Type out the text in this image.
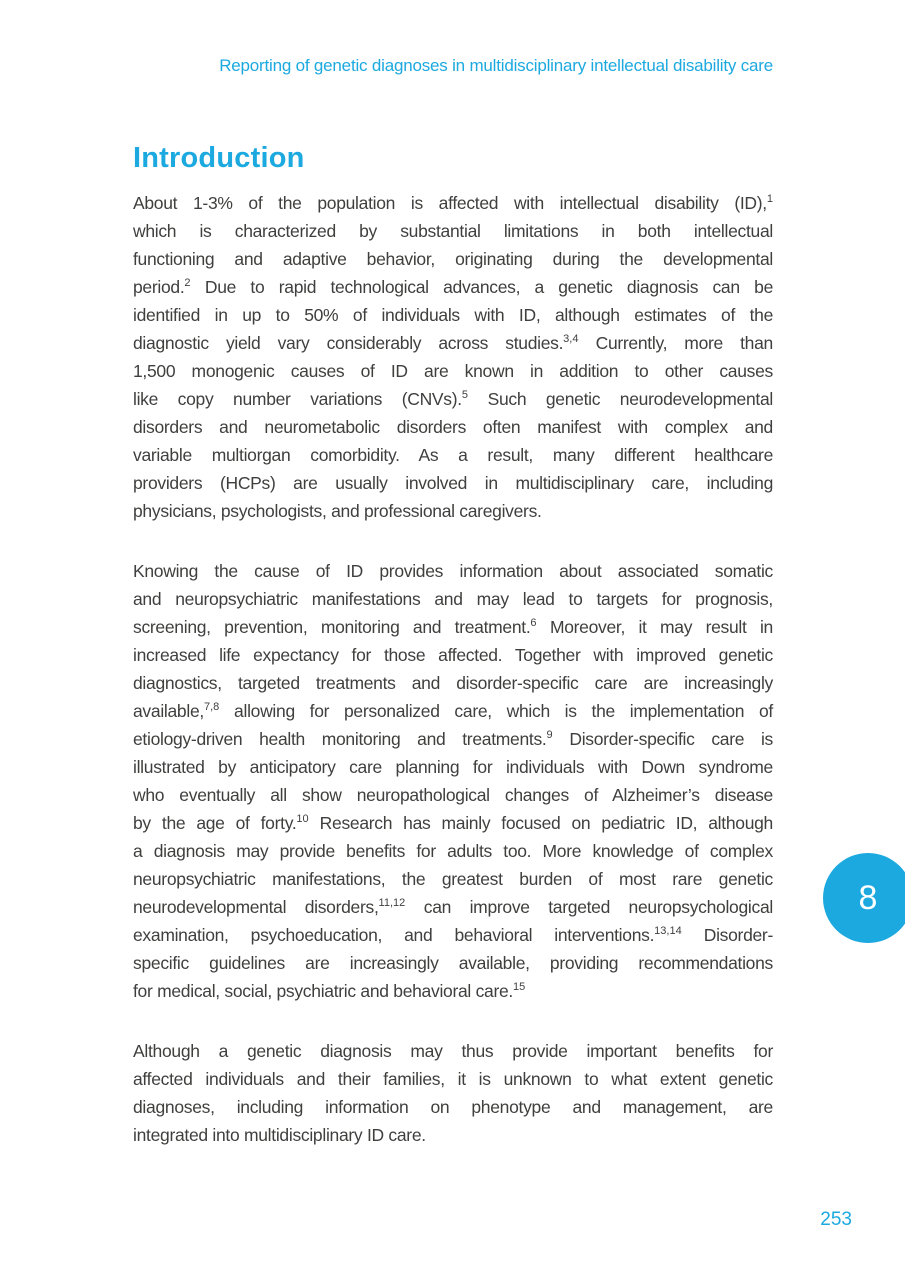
Reporting of genetic diagnoses in multidisciplinary intellectual disability care
Introduction
About 1-3% of the population is affected with intellectual disability (ID),$^1$
which is characterized by substantial limitations in both intellectual
functioning and adaptive behavior, originating during the developmental
period.$^2$ Due to rapid technological advances, a genetic diagnosis can be
identified in up to 50% of individuals with ID, although estimates of the
diagnostic yield vary considerably across studies.$^{3,4}$ Currently, more than
1,500 monogenic causes of ID are known in addition to other causes
like copy number variations (CNVs).$^5$ Such genetic neurodevelopmental
disorders and neurometabolic disorders often manifest with complex and
variable multiorgan comorbidity. As a result, many different healthcare
providers (HCPs) are usually involved in multidisciplinary care, including
physicians, psychologists, and professional caregivers.
Knowing the cause of ID provides information about associated somatic
and neuropsychiatric manifestations and may lead to targets for prognosis,
screening, prevention, monitoring and treatment.$^6$ Moreover, it may result in
increased life expectancy for those affected. Together with improved genetic
diagnostics, targeted treatments and disorder-specific care are increasingly
available,$^{7,8}$ allowing for personalized care, which is the implementation of
etiology-driven health monitoring and treatments.$^9$ Disorder-specific care is
illustrated by anticipatory care planning for individuals with Down syndrome
who eventually all show neuropathological changes of Alzheimer’s disease
by the age of forty.$^{10}$ Research has mainly focused on pediatric ID, although
a diagnosis may provide benefits for adults too. More knowledge of complex
neuropsychiatric manifestations, the greatest burden of most rare genetic
neurodevelopmental disorders,$^{11,12}$ can improve targeted neuropsychological
examination, psychoeducation, and behavioral interventions.$^{13,14}$ Disorder-
specific guidelines are increasingly available, providing recommendations
for medical, social, psychiatric and behavioral care.$^{15}$
Although a genetic diagnosis may thus provide important benefits for
affected individuals and their families, it is unknown to what extent genetic
diagnoses, including information on phenotype and management, are
integrated into multidisciplinary ID care.
8
253
